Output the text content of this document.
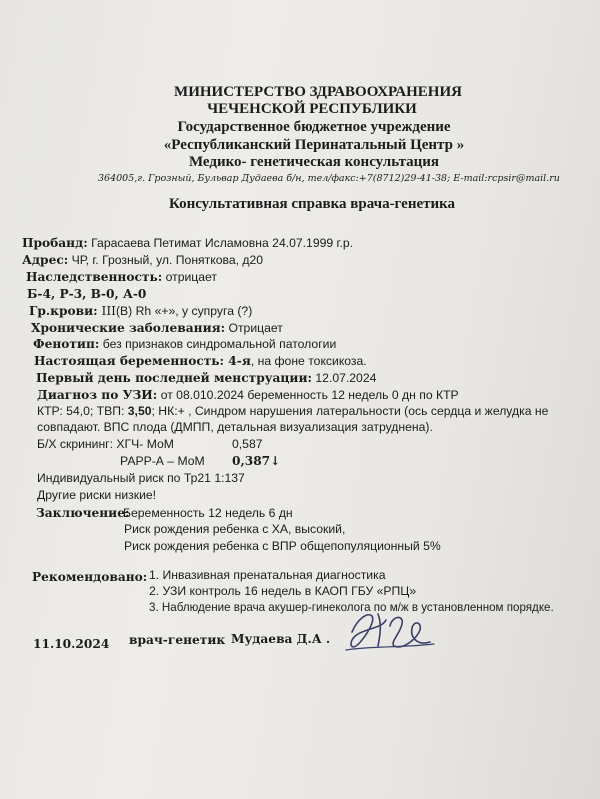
МИНИСТЕРСТВО ЗДРАВООХРАНЕНИЯ
ЧЕЧЕНСКОЙ РЕСПУБЛИКИ
Государственное бюджетное учреждение
«Республиканский Перинатальный Центр »
Медико- генетическая консультация
364005,г. Грозный, Бульвар Дудаева б/н, тел/факс:+7(8712)29-41-38; E-mail:rcpsir@mail.ru
Консультативная справка врача-генетика
Пробанд: Гарасаева Петимат Исламовна 24.07.1999 г.р.
Адрес: ЧР, г. Грозный, ул. Поняткова, д20
Наследственность: отрицает
Б-4, Р-3, В-0, А-0
Гр.крови: III(В) Rh «+», у супруга (?)
Хронические заболевания: Отрицает
Фенотип: без признаков синдромальной патологии
Настоящая беременность: 4-я, на фоне токсикоза.
Первый день последней менструации: 12.07.2024
Диагноз по УЗИ: от 08.010.2024 беременность 12 недель 0 дн по КТР
КТР: 54,0; ТВП: 3,50; НК:+ , Синдром нарушения латеральности (ось сердца и желудка не
совпадают. ВПС плода (ДМПП, детальная визуализация затруднена).
Б/Х скрининг: ХГЧ- МоМ	0,587
РАРР-А – МоМ 0,387↓
Индивидуальный риск по Тр21 1:137
Другие риски низкие!
Заключение:
Беременность 12 недель 6 дн
Риск рождения ребенка с ХА, высокий,
Риск рождения ребенка с ВПР общепопуляционный 5%
Рекомендовано: 1. Инвазивная пренатальная диагностика
2. УЗИ контроль 16 недель в КАОП ГБУ «РПЦ»
3. Наблюдение врача акушер-гинеколога по м/ж в установленном порядке.
11.10.2024 врач-генетик Мудаева Д.А .
